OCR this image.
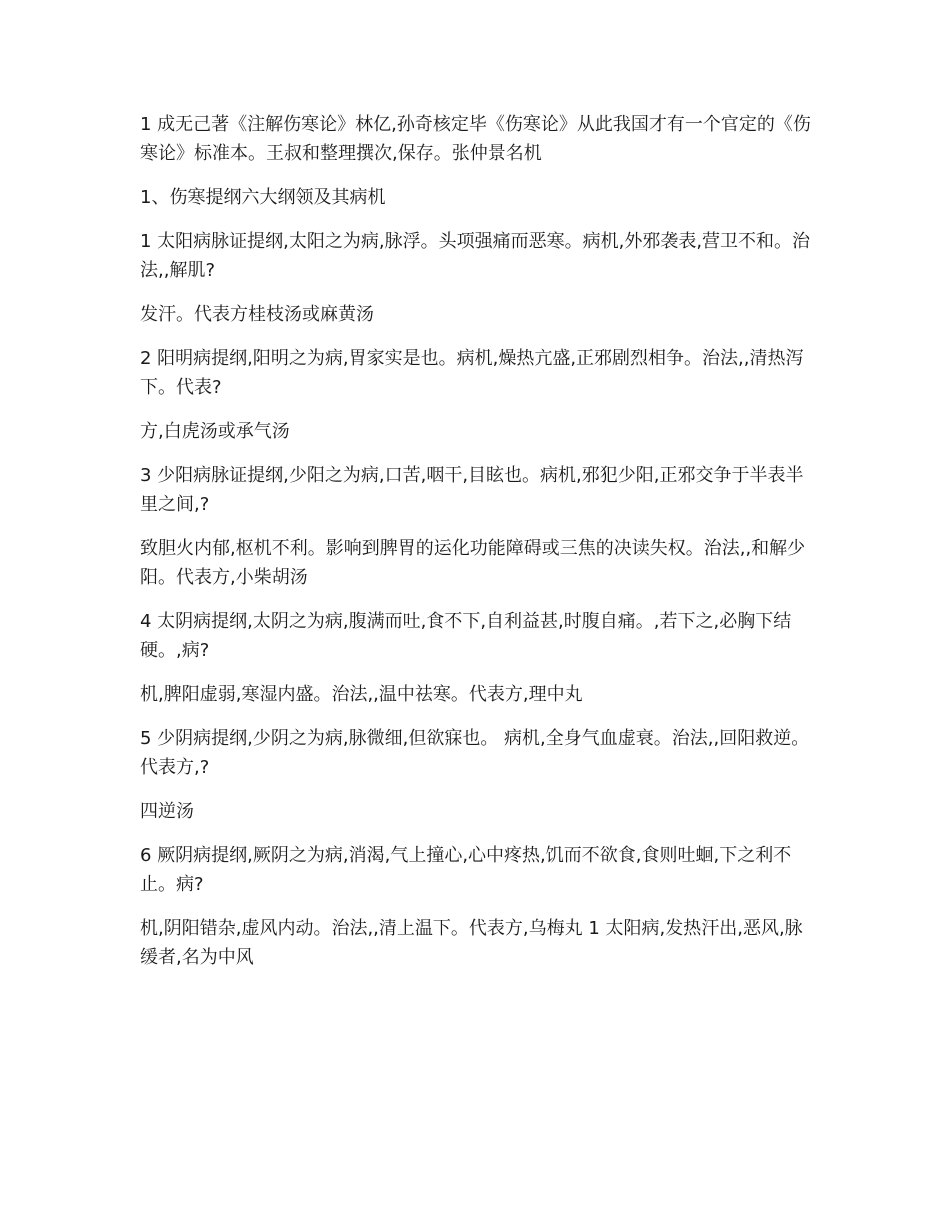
1 成无己著《注解伤寒论》林亿,孙奇核定毕《伤寒论》从此我国才有一个官定的《伤寒论》标准本。王叔和整理撰次,保存。张仲景名机

1、伤寒提纲六大纲领及其病机

1 太阳病脉证提纲,太阳之为病,脉浮。头项强痛而恶寒。病机,外邪袭表,营卫不和。治法,,解肌?

发汗。代表方桂枝汤或麻黄汤

2 阳明病提纲,阳明之为病,胃家实是也。病机,燥热亢盛,正邪剧烈相争。治法,,清热泻下。代表?

方,白虎汤或承气汤

3 少阳病脉证提纲,少阳之为病,口苦,咽干,目眩也。病机,邪犯少阳,正邪交争于半表半里之间,?

致胆火内郁,枢机不利。影响到脾胃的运化功能障碍或三焦的决读失权。治法,,和解少阳。代表方,小柴胡汤

4 太阴病提纲,太阴之为病,腹满而吐,食不下,自利益甚,时腹自痛。,若下之,必胸下结硬。,病?

机,脾阳虚弱,寒湿内盛。治法,,温中祛寒。代表方,理中丸

5 少阴病提纲,少阴之为病,脉微细,但欲寐也。 病机,全身气血虚衰。治法,,回阳救逆。代表方,?

四逆汤

6 厥阴病提纲,厥阴之为病,消渴,气上撞心,心中疼热,饥而不欲食,食则吐蛔,下之利不止。病?

机,阴阳错杂,虚风内动。治法,,清上温下。代表方,乌梅丸 1 太阳病,发热汗出,恶风,脉缓者,名为中风
